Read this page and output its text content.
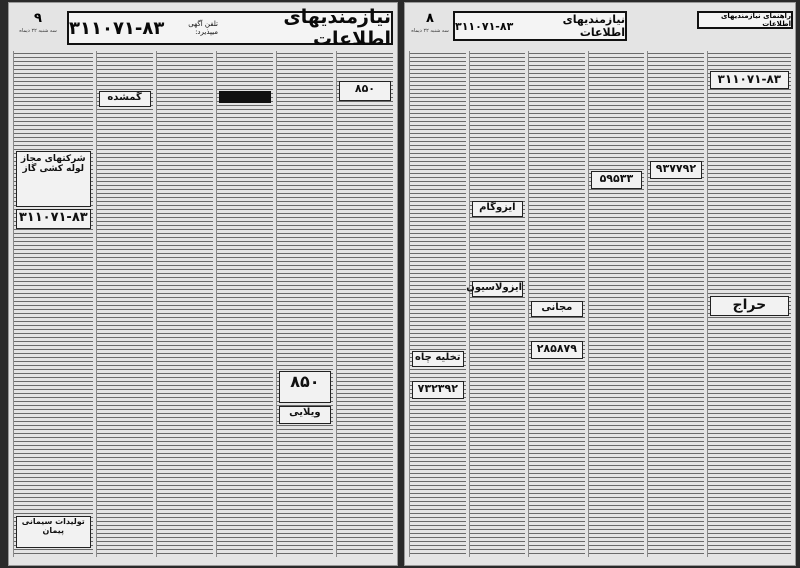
۹
سه شنبه ۲۲ دیماه
نیازمندیهای اطلاعات
تلفن آگهی میپذیرد:
۳۱۱۰۷۱-۸۳
۸۵۰
۸۵۰
ویلایی
گمشده
شرکتهای مجاز لوله کشی گاز
۳۱۱۰۷۱-۸۳
تولیدات سیمانی پیمان
۸
سه شنبه ۲۲ دیماه
نیازمندیهای اطلاعات
۳۱۱۰۷۱-۸۳
راهنمای نیازمندیهای اطلاعات
۳۱۱۰۷۱-۸۳
حراج
۹۳۷۷۹۲
۵۹۵۳۳
مجانی
۲۸۵۸۷۹
ایزولاسیون
ایزوگام
تخلیه چاه
۷۳۲۳۹۲
